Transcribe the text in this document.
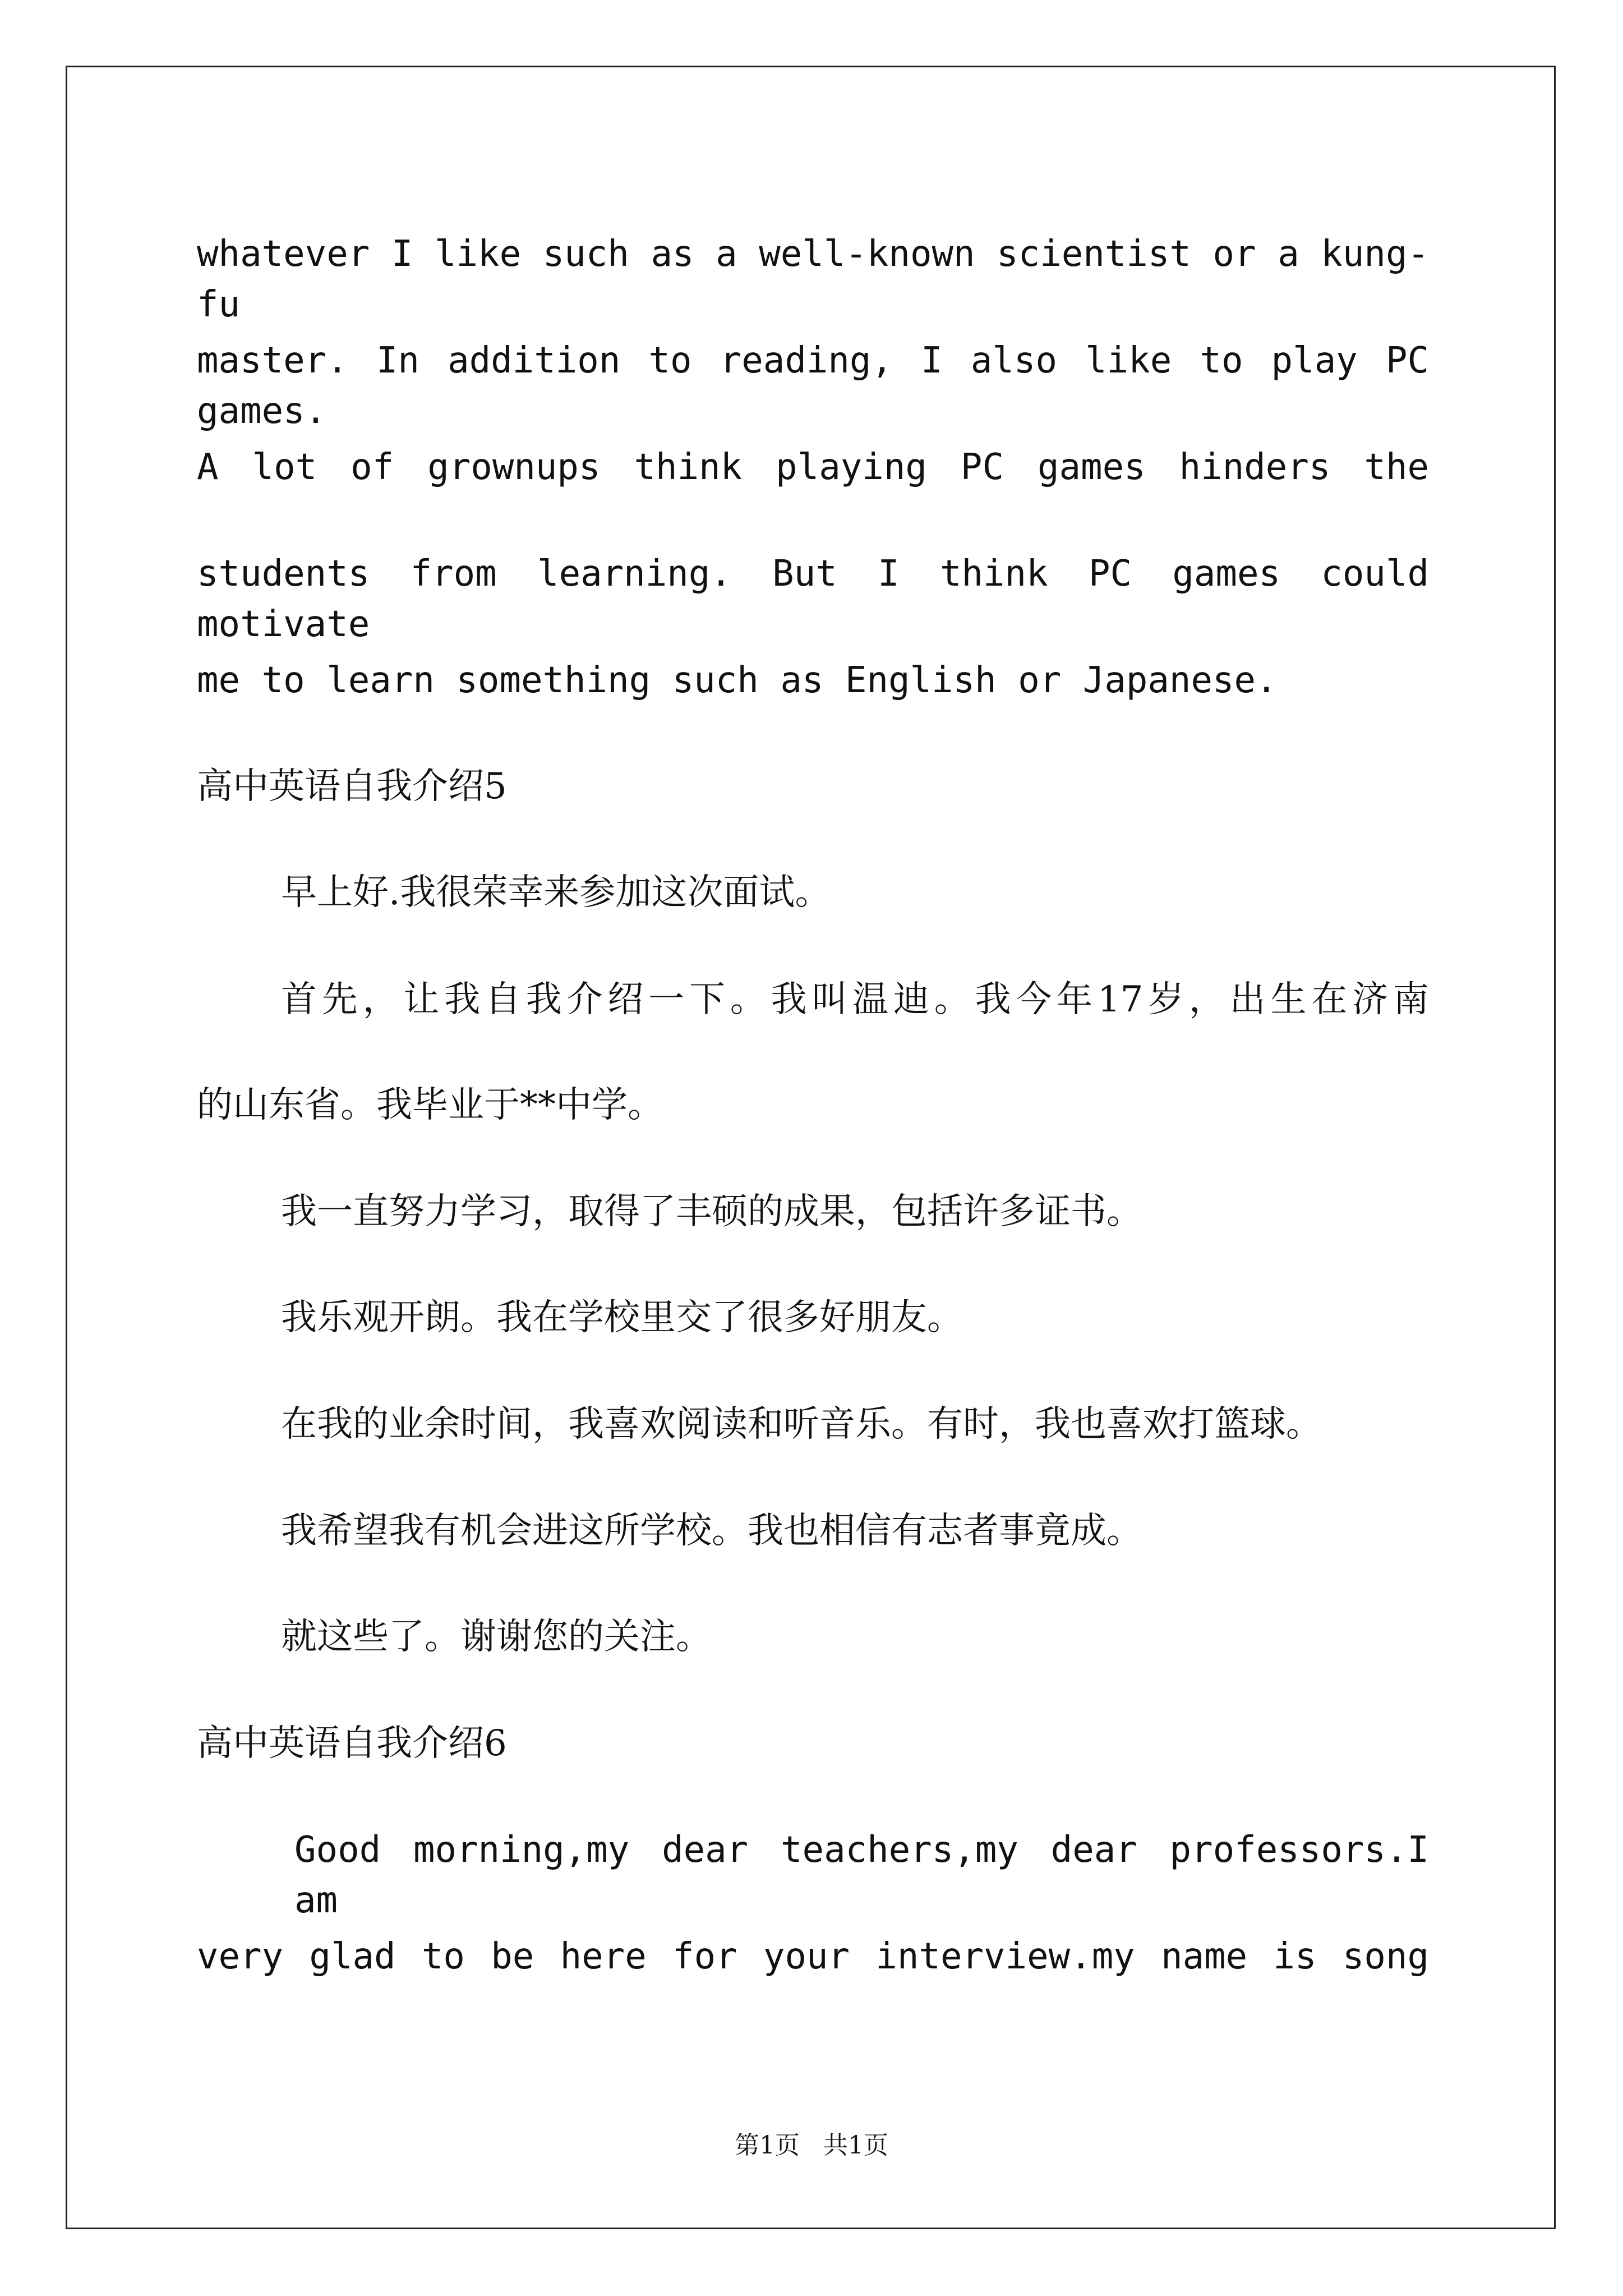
whatever I like such as a well-known scientist or a kung-fu
master. In addition to reading, I also like to play PC games.
A lot of grownups think playing PC games hinders the
students from learning. But I think PC games could motivate
me to learn something such as English or Japanese.
高中英语自我介绍5
早上好.我很荣幸来参加这次面试。
首先，让我自我介绍一下。我叫温迪。我今年17岁，出生在济南
的山东省。我毕业于**中学。
我一直努力学习，取得了丰硕的成果，包括许多证书。
我乐观开朗。我在学校里交了很多好朋友。
在我的业余时间，我喜欢阅读和听音乐。有时，我也喜欢打篮球。
我希望我有机会进这所学校。我也相信有志者事竟成。
就这些了。谢谢您的关注。
高中英语自我介绍6
Good morning,my dear teachers,my dear professors.I am
very glad to be here for your interview.my name is song
第1页   共1页
